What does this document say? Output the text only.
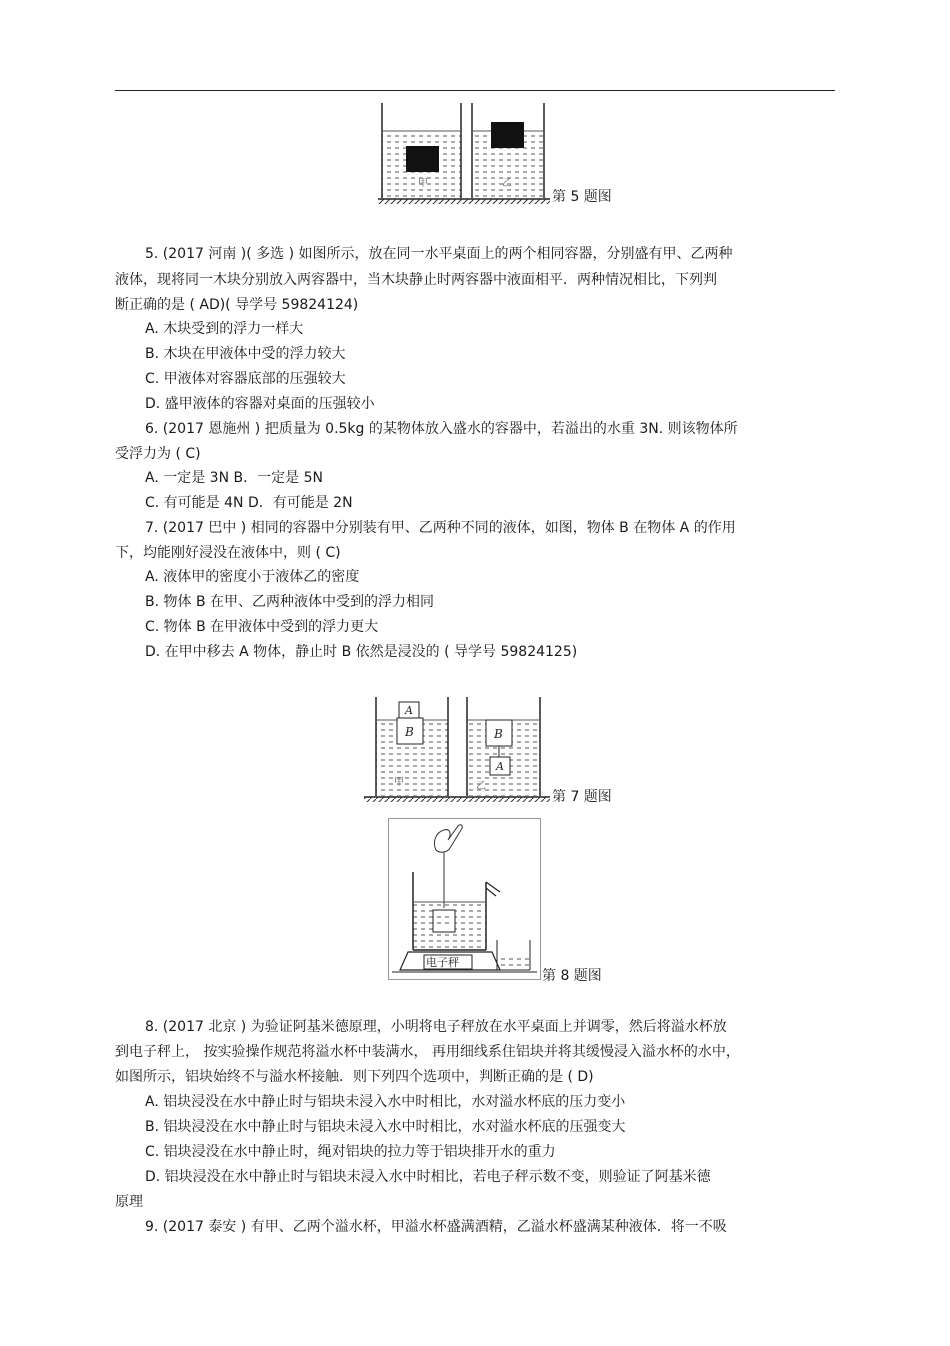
甲	乙
第 5 题图
5. (2017 河南 )( 多选 ) 如图所示，放在同一水平桌面上的两个相同容器，分别盛有甲、乙两种
液体，现将同一木块分别放入两容器中，当木块静止时两容器中液面相平．两种情况相比，下列判
断正确的是 ( AD)( 导学号 59824124)
A. 木块受到的浮力一样大
B. 木块在甲液体中受的浮力较大
C. 甲液体对容器底部的压强较大
D. 盛甲液体的容器对桌面的压强较小
6. (2017 恩施州 ) 把质量为 0.5kg 的某物体放入盛水的容器中，若溢出的水重 3N. 则该物体所
受浮力为 ( C)
A. 一定是 3N B．一定是 5N
C. 有可能是 4N D．有可能是 2N
7. (2017 巴中 ) 相同的容器中分别装有甲、乙两种不同的液体，如图，物体 B 在物体 A 的作用
下，均能刚好浸没在液体中，则 ( C)
A. 液体甲的密度小于液体乙的密度
B. 物体 B 在甲、乙两种液体中受到的浮力相同
C. 物体 B 在甲液体中受到的浮力更大
D. 在甲中移去 A 物体，静止时 B 依然是浸没的 ( 导学号 59824125)
A
B
甲
B
A
乙
第 7 题图
电子秤
第 8 题图
8. (2017 北京 ) 为验证阿基米德原理，小明将电子秤放在水平桌面上并调零，然后将溢水杯放
到电子秤上， 按实验操作规范将溢水杯中装满水， 再用细线系住铝块并将其缓慢浸入溢水杯的水中，
如图所示，铝块始终不与溢水杯接触．则下列四个选项中，判断正确的是 ( D)
A. 铝块浸没在水中静止时与铝块未浸入水中时相比，水对溢水杯底的压力变小
B. 铝块浸没在水中静止时与铝块未浸入水中时相比，水对溢水杯底的压强变大
C. 铝块浸没在水中静止时，绳对铝块的拉力等于铝块排开水的重力
D. 铝块浸没在水中静止时与铝块未浸入水中时相比，若电子秤示数不变，则验证了阿基米德
原理
9. (2017 泰安 ) 有甲、乙两个溢水杯，甲溢水杯盛满酒精，乙溢水杯盛满某种液体．将一不吸
